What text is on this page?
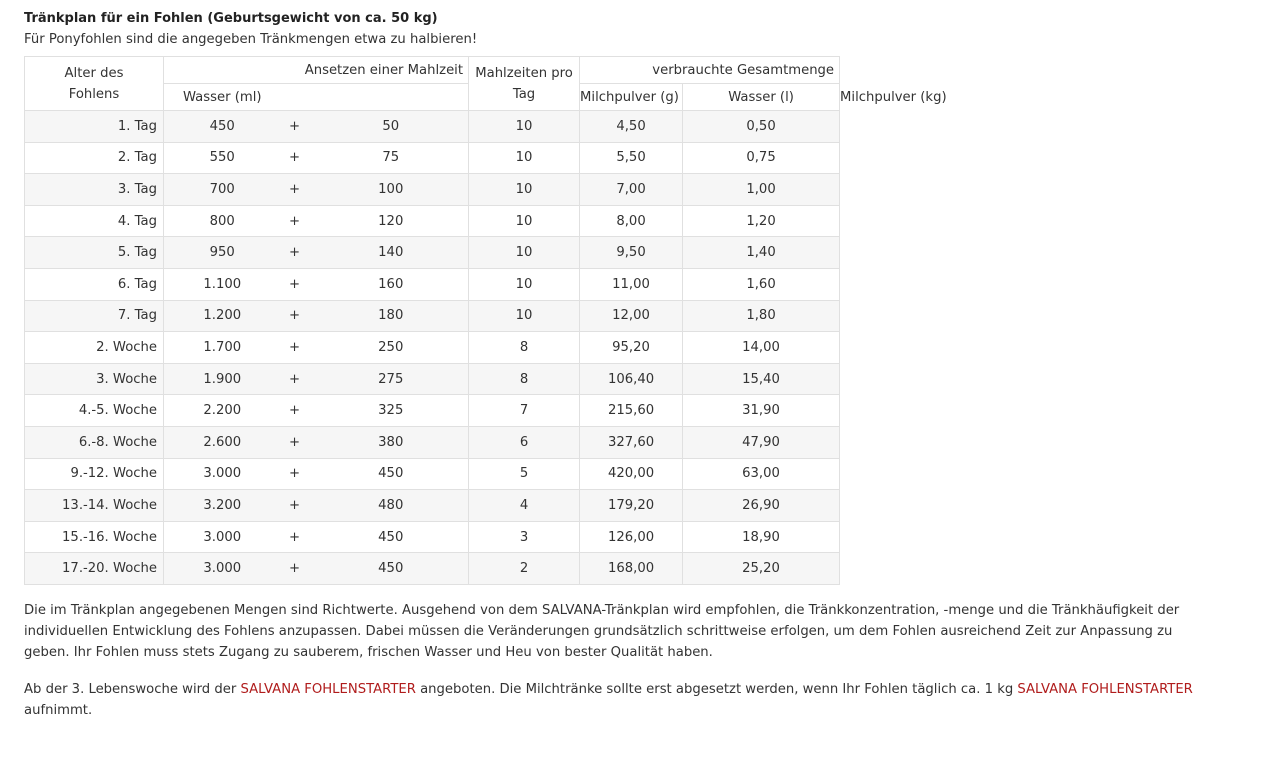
Tränkplan für ein Fohlen (Geburtsgewicht von ca. 50 kg)
Für Ponyfohlen sind die angegeben Tränkmengen etwa zu halbieren!
Alter des Fohlens	Ansetzen einer Mahlzeit				Mahlzeiten pro Tag	verbrauchte Gesamtmenge		
	Wasser (ml)					Milchpulver (g)	Wasser (l)	Milchpulver (kg)
1. Tag	450	+		50	10	4,50	0,50	
2. Tag	550	+		75	10	5,50	0,75	
3. Tag	700	+		100	10	7,00	1,00	
4. Tag	800	+		120	10	8,00	1,20	
5. Tag	950	+		140	10	9,50	1,40	
6. Tag	1.100	+		160	10	11,00	1,60	
7. Tag	1.200	+		180	10	12,00	1,80	
2. Woche	1.700	+		250	8	95,20	14,00	
3. Woche	1.900	+		275	8	106,40	15,40	
4.-5. Woche	2.200	+		325	7	215,60	31,90	
6.-8. Woche	2.600	+		380	6	327,60	47,90	
9.-12. Woche	3.000	+		450	5	420,00	63,00	
13.-14. Woche	3.200	+		480	4	179,20	26,90	
15.-16. Woche	3.000	+		450	3	126,00	18,90	
17.-20. Woche	3.000	+		450	2	168,00	25,20	

Die im Tränkplan angegebenen Mengen sind Richtwerte. Ausgehend von dem SALVANA-Tränkplan wird empfohlen, die Tränkkonzentration, -menge und die Tränkhäufigkeit der individuellen Entwicklung des Fohlens anzupassen. Dabei müssen die Veränderungen grundsätzlich schrittweise erfolgen, um dem Fohlen ausreichend Zeit zur Anpassung zu geben. Ihr Fohlen muss stets Zugang zu sauberem, frischen Wasser und Heu von bester Qualität haben.

Ab der 3. Lebenswoche wird der SALVANA FOHLENSTARTER angeboten. Die Milchtränke sollte erst abgesetzt werden, wenn Ihr Fohlen täglich ca. 1 kg SALVANA FOHLENSTARTER aufnimmt.
